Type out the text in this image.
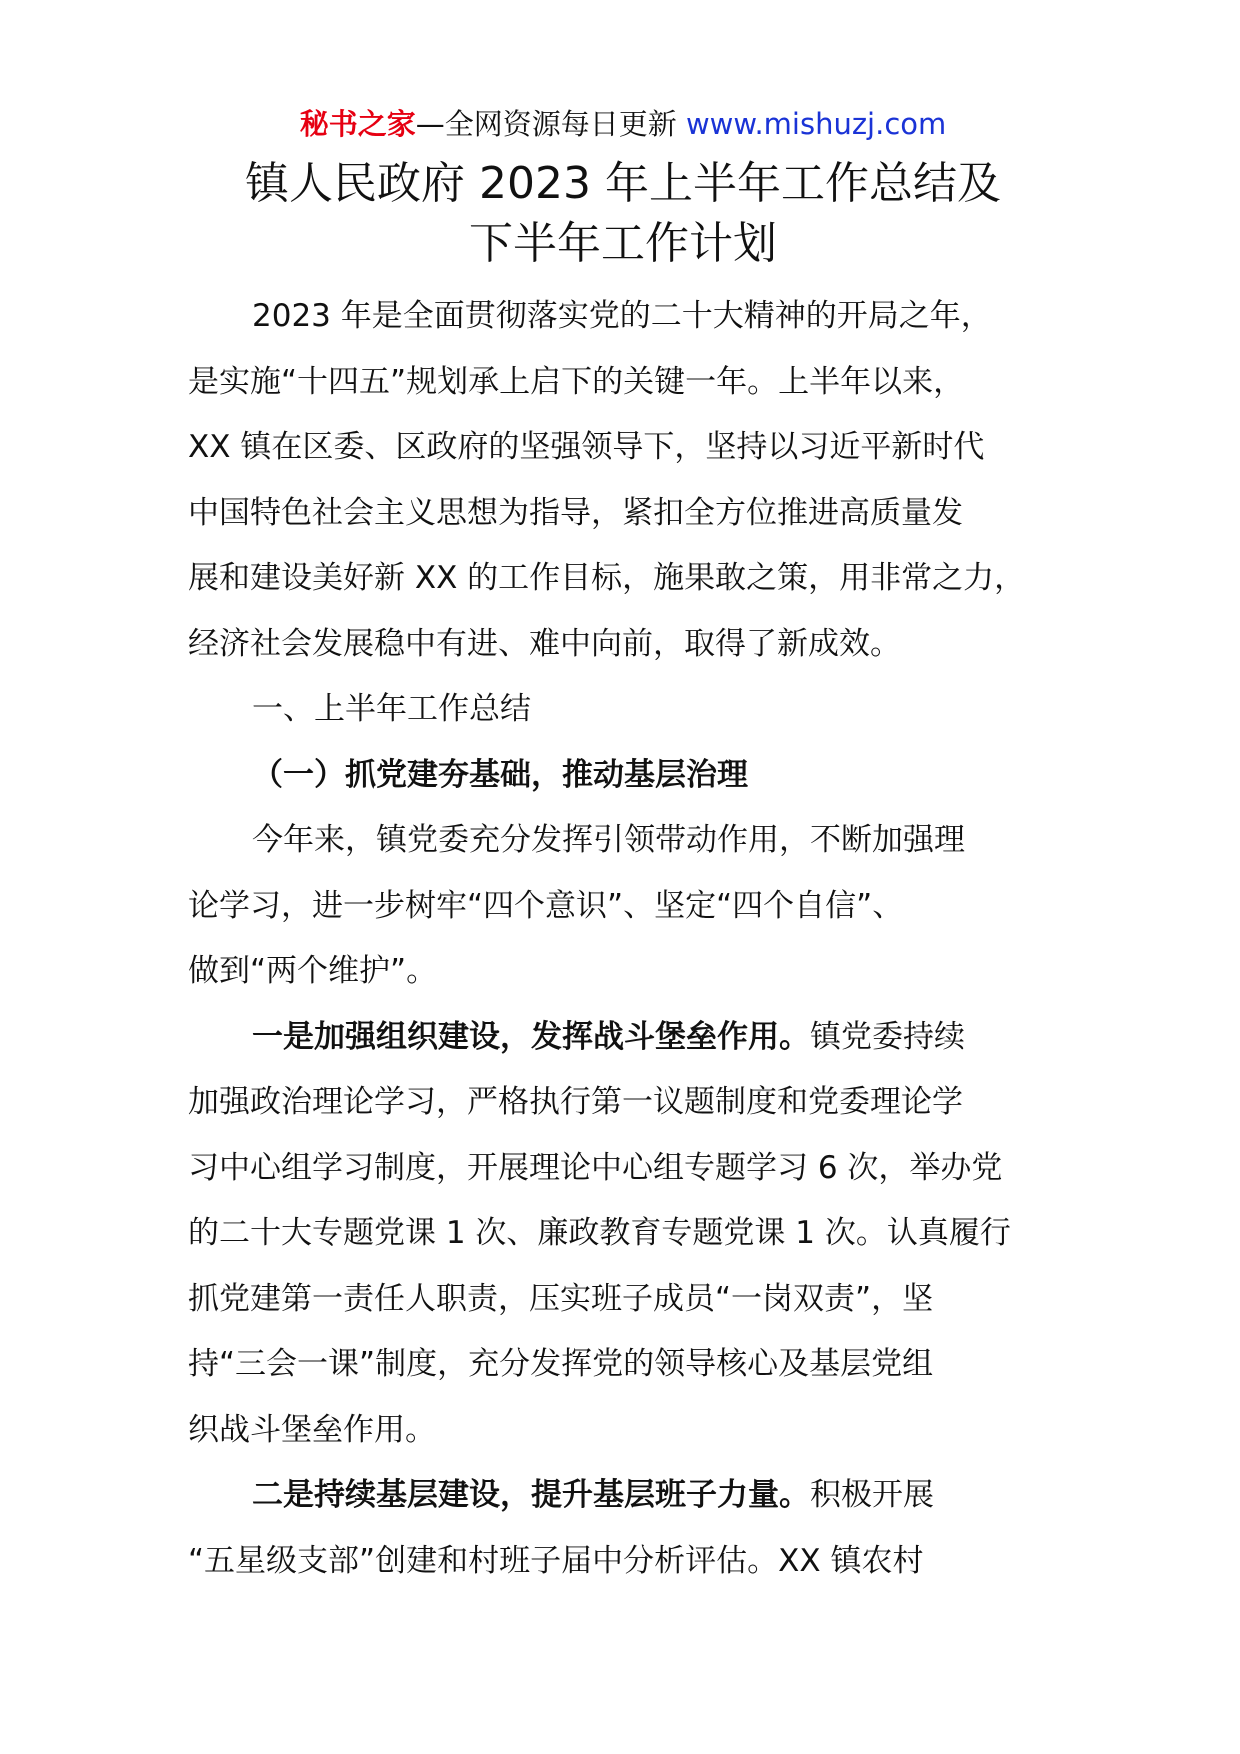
秘书之家—全网资源每日更新 www.mishuzj.com
镇人民政府 2023 年上半年工作总结及
下半年工作计划

2023 年是全面贯彻落实党的二十大精神的开局之年，
是实施“十四五”规划承上启下的关键一年。上半年以来，
XX 镇在区委、区政府的坚强领导下，坚持以习近平新时代
中国特色社会主义思想为指导，紧扣全方位推进高质量发
展和建设美好新 XX 的工作目标，施果敢之策，用非常之力，
经济社会发展稳中有进、难中向前，取得了新成效。

一、上半年工作总结

（一）抓党建夯基础，推动基层治理

今年来，镇党委充分发挥引领带动作用，不断加强理
论学习，进一步树牢“四个意识”、坚定“四个自信”、
做到“两个维护”。

一是加强组织建设，发挥战斗堡垒作用。镇党委持续
加强政治理论学习，严格执行第一议题制度和党委理论学
习中心组学习制度，开展理论中心组专题学习 6 次，举办党
的二十大专题党课 1 次、廉政教育专题党课 1 次。认真履行
抓党建第一责任人职责，压实班子成员“一岗双责”，坚
持“三会一课”制度，充分发挥党的领导核心及基层党组
织战斗堡垒作用。

二是持续基层建设，提升基层班子力量。积极开展
“五星级支部”创建和村班子届中分析评估。XX 镇农村
